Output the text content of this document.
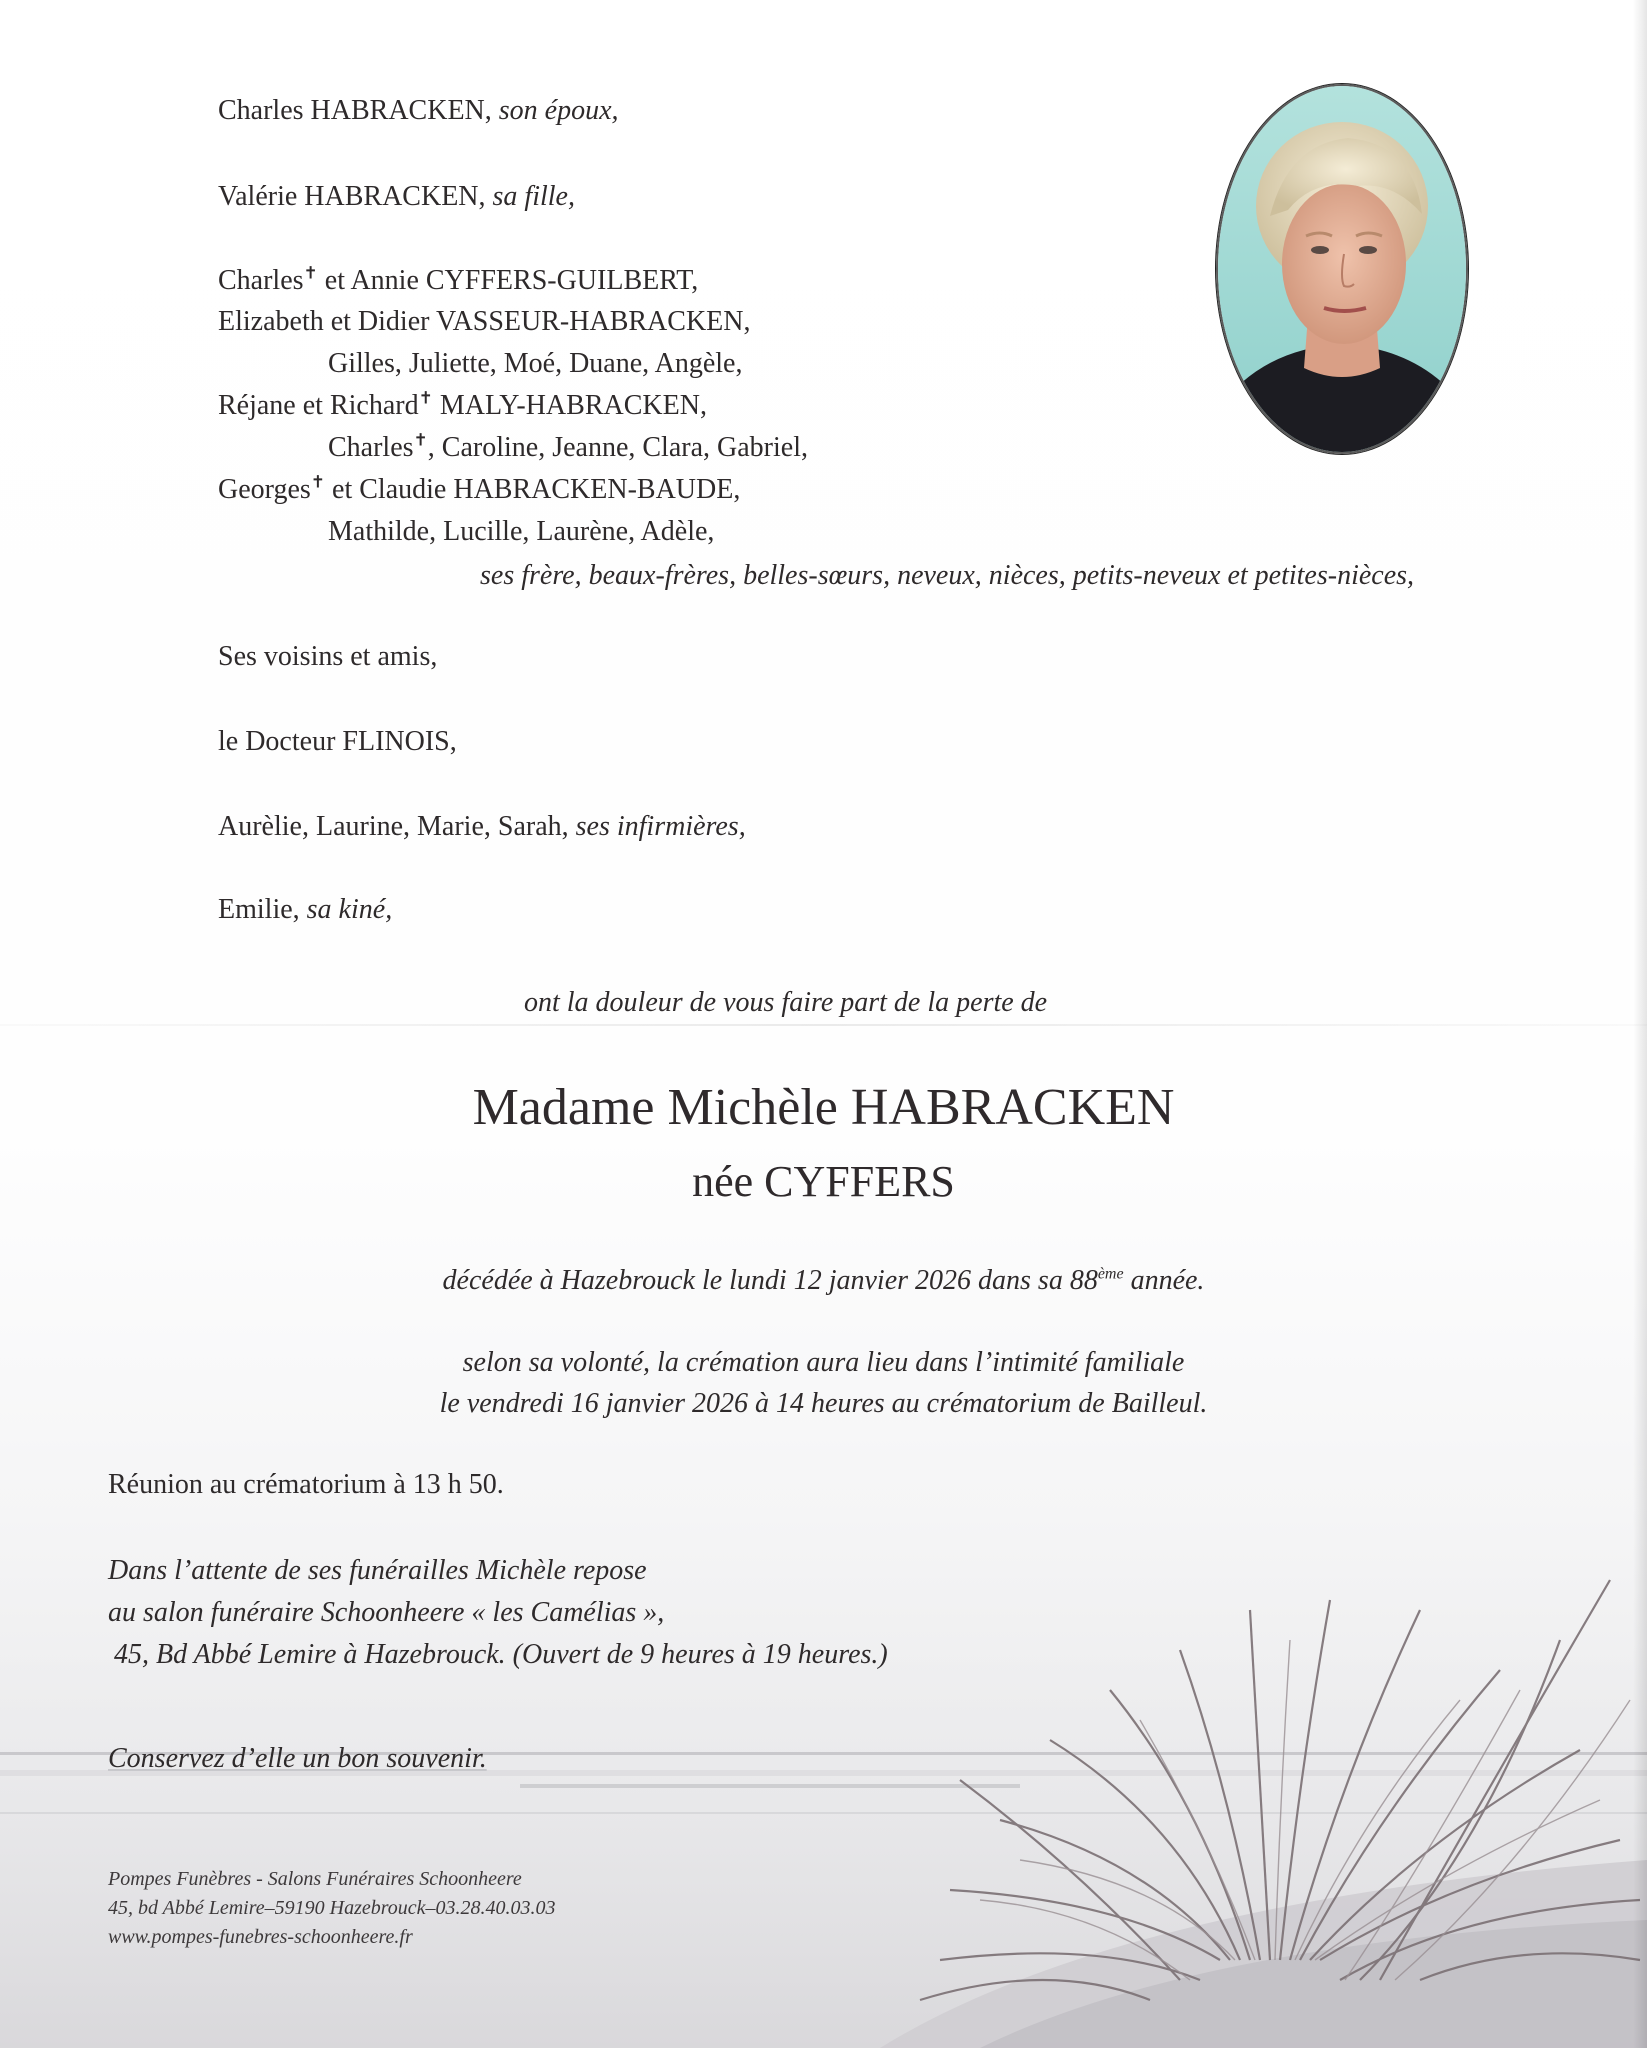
Charles HABRACKEN, son époux,
Valérie HABRACKEN, sa fille,
Charles✝ et Annie CYFFERS-GUILBERT,
Elizabeth et Didier VASSEUR-HABRACKEN,
Gilles, Juliette, Moé, Duane, Angèle,
Réjane et Richard✝ MALY-HABRACKEN,
Charles✝, Caroline, Jeanne, Clara, Gabriel,
Georges✝ et Claudie HABRACKEN-BAUDE,
Mathilde, Lucille, Laurène, Adèle,
ses frère, beaux-frères, belles-sœurs, neveux, nièces, petits-neveux et petites-nièces,
Ses voisins et amis,
le Docteur FLINOIS,
Aurèlie, Laurine, Marie, Sarah, ses infirmières,
Emilie, sa kiné,
ont la douleur de vous faire part de la perte de
Madame Michèle HABRACKEN
née CYFFERS
décédée à Hazebrouck le lundi 12 janvier 2026 dans sa 88ème année.
selon sa volonté, la crémation aura lieu dans l’intimité familiale
le vendredi 16 janvier 2026 à 14 heures au crématorium de Bailleul.
Réunion au crématorium à 13 h 50.
Dans l’attente de ses funérailles Michèle repose
au salon funéraire Schoonheere « les Camélias »,
45, Bd Abbé Lemire à Hazebrouck. (Ouvert de 9 heures à 19 heures.)
Conservez d’elle un bon souvenir.
Pompes Funèbres - Salons Funéraires Schoonheere
45, bd Abbé Lemire–59190 Hazebrouck–03.28.40.03.03
www.pompes-funebres-schoonheere.fr
